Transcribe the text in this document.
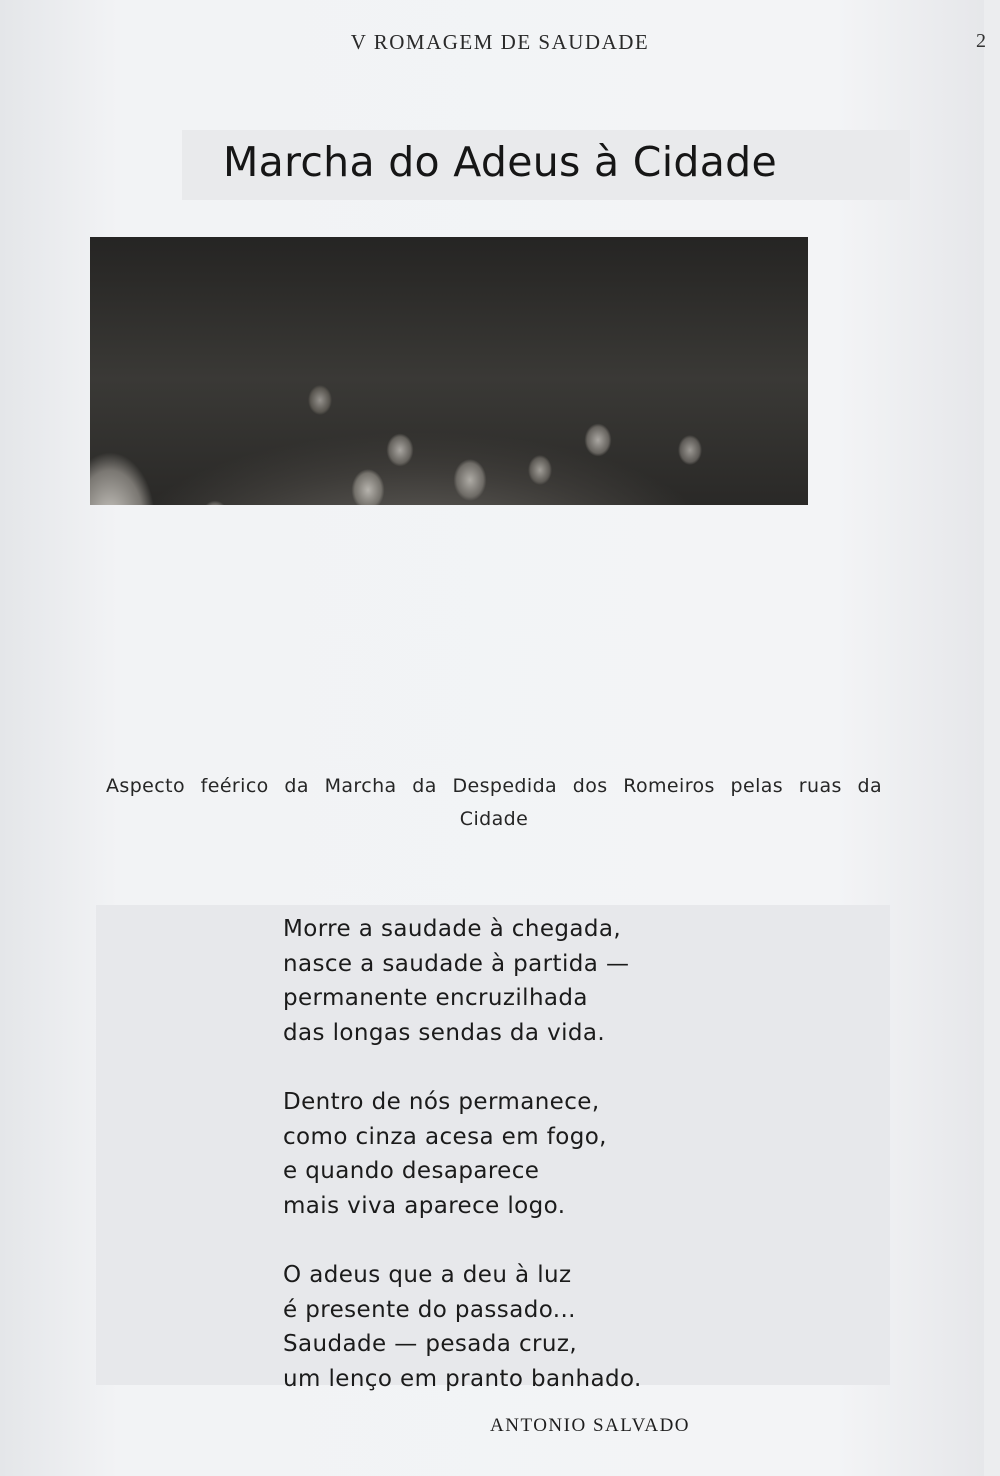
V ROMAGEM DE SAUDADE	2
Marcha do Adeus à Cidade
Aspecto feérico da Marcha da Despedida dos Romeiros pelas ruas da Cidade
Morre a saudade à chegada,
nasce a saudade à partida —
permanente encruzilhada
das longas sendas da vida.
Dentro de nós permanece,
como cinza acesa em fogo,
e quando desaparece
mais viva aparece logo.
O adeus que a deu à luz
é presente do passado...
Saudade — pesada cruz,
um lenço em pranto banhado.
ANTONIO SALVADO
